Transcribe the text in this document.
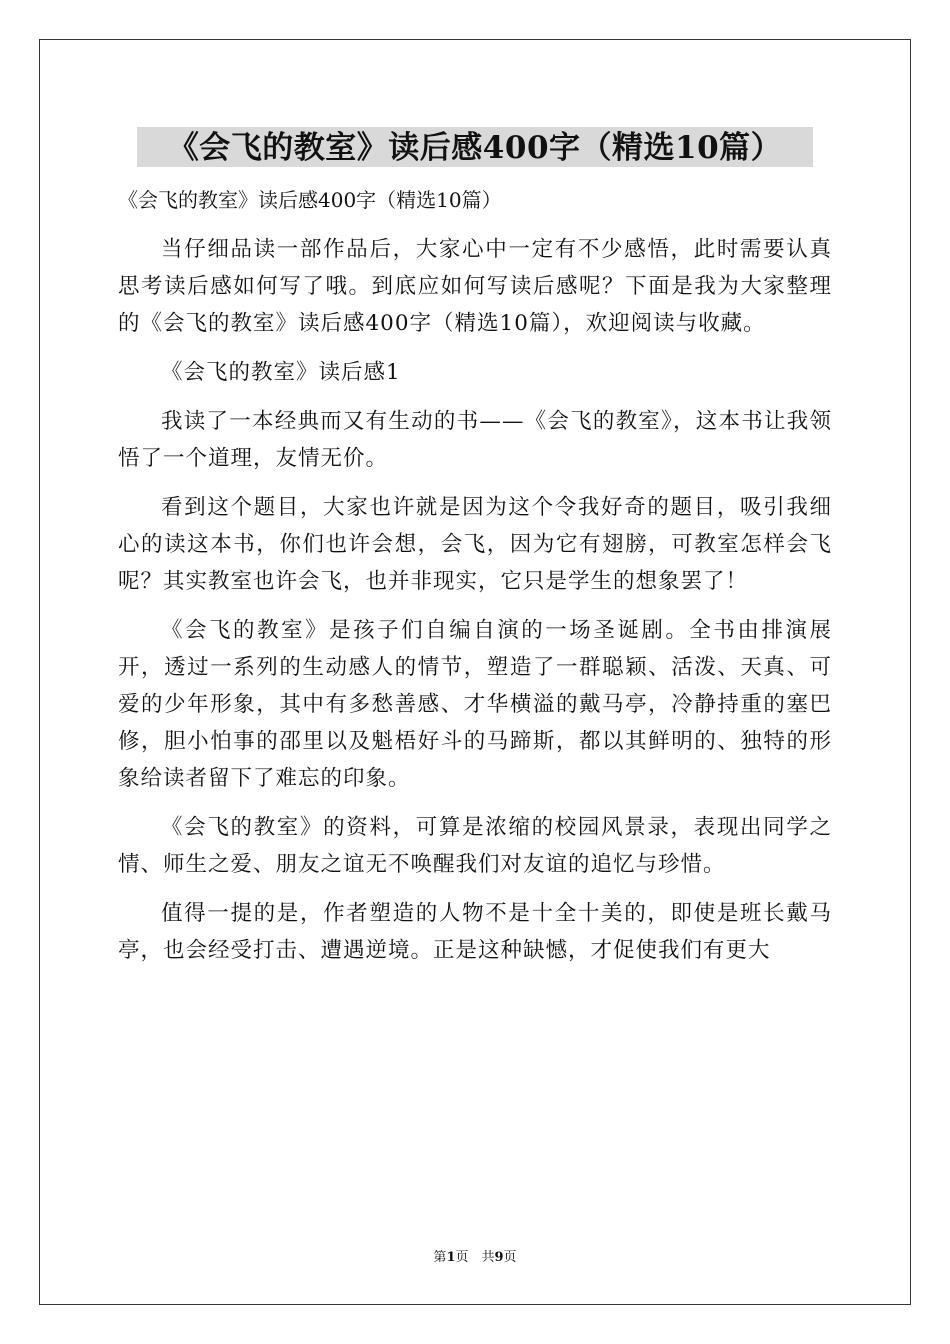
《会飞的教室》读后感400字（精选10篇）
《会飞的教室》读后感400字（精选10篇）

当仔细品读一部作品后，大家心中一定有不少感悟，此时需要认真思考读后感如何写了哦。到底应如何写读后感呢？下面是我为大家整理的《会飞的教室》读后感400字（精选10篇），欢迎阅读与收藏。

《会飞的教室》读后感1

我读了一本经典而又有生动的书——《会飞的教室》，这本书让我领悟了一个道理，友情无价。

看到这个题目，大家也许就是因为这个令我好奇的题目，吸引我细心的读这本书，你们也许会想，会飞，因为它有翅膀，可教室怎样会飞呢？其实教室也许会飞，也并非现实，它只是学生的想象罢了！

《会飞的教室》是孩子们自编自演的一场圣诞剧。全书由排演展开，透过一系列的生动感人的情节，塑造了一群聪颖、活泼、天真、可爱的少年形象，其中有多愁善感、才华横溢的戴马亭，冷静持重的塞巴修，胆小怕事的邵里以及魁梧好斗的马蹄斯，都以其鲜明的、独特的形象给读者留下了难忘的印象。

《会飞的教室》的资料，可算是浓缩的校园风景录，表现出同学之情、师生之爱、朋友之谊无不唤醒我们对友谊的追忆与珍惜。

值得一提的是，作者塑造的人物不是十全十美的，即使是班长戴马亭，也会经受打击、遭遇逆境。正是这种缺憾，才促使我们有更大

第1页　共9页
